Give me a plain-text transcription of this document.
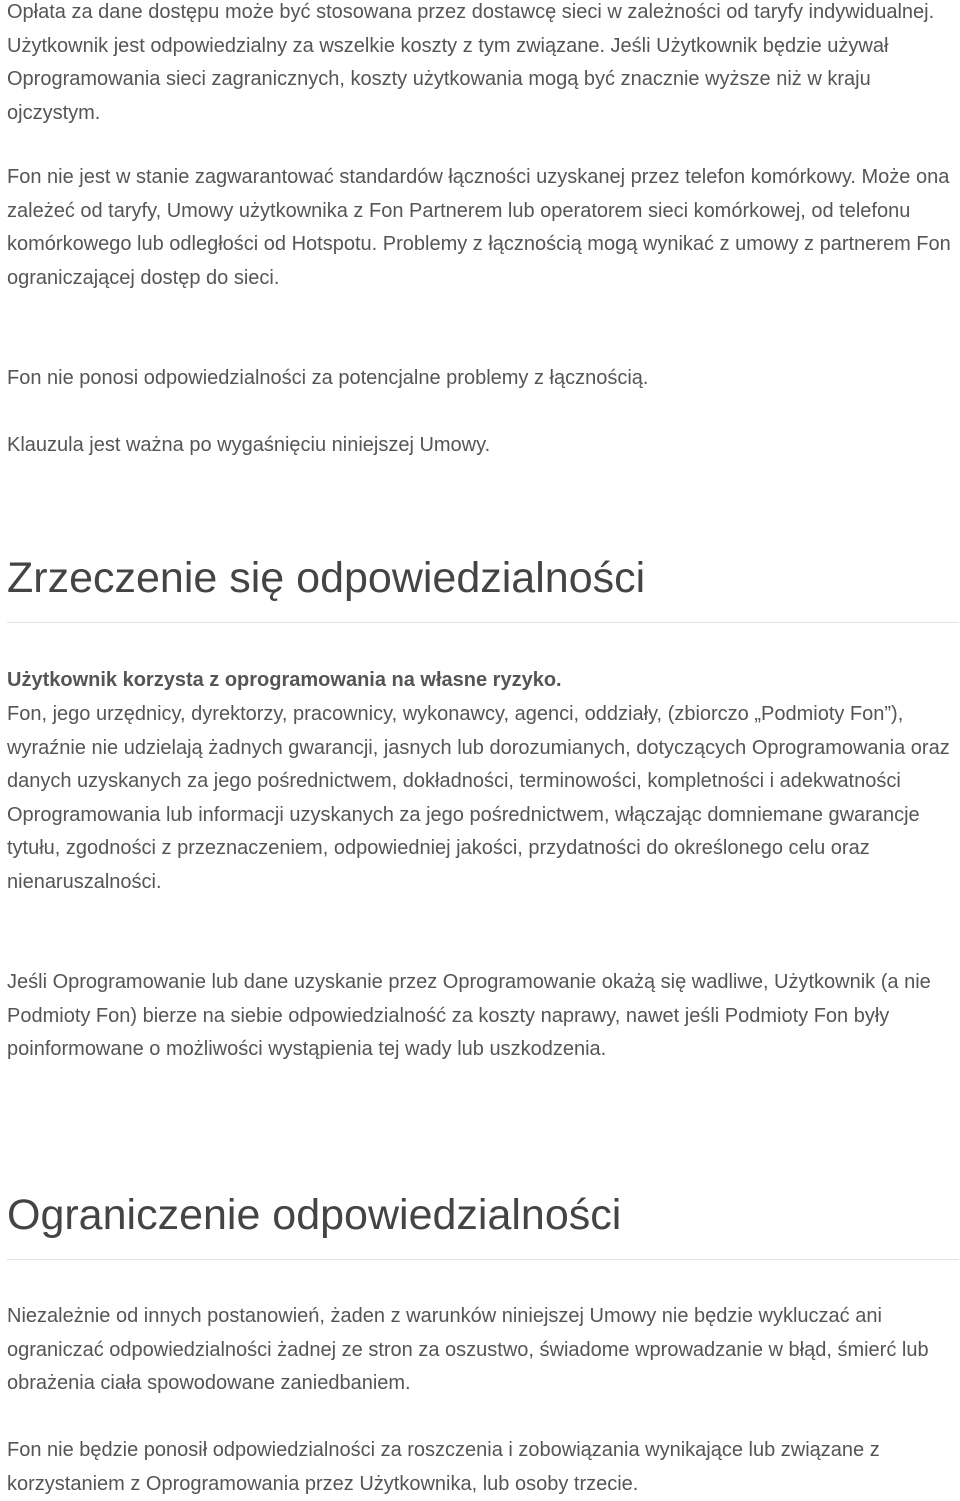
Opłata za dane dostępu może być stosowana przez dostawcę sieci w zależności od taryfy indywidualnej. Użytkownik jest odpowiedzialny za wszelkie koszty z tym związane. Jeśli Użytkownik będzie używał Oprogramowania sieci zagranicznych, koszty użytkowania mogą być znacznie wyższe niż w kraju ojczystym.

Fon nie jest w stanie zagwarantować standardów łączności uzyskanej przez telefon komórkowy. Może ona zależeć od taryfy, Umowy użytkownika z Fon Partnerem lub operatorem sieci komórkowej, od telefonu komórkowego lub odległości od Hotspotu. Problemy z łącznością mogą wynikać z umowy z partnerem Fon ograniczającej dostęp do sieci.

Fon nie ponosi odpowiedzialności za potencjalne problemy z łącznością.

Klauzula jest ważna po wygaśnięciu niniejszej Umowy.

Zrzeczenie się odpowiedzialności

Użytkownik korzysta z oprogramowania na własne ryzyko.

Fon, jego urzędnicy, dyrektorzy, pracownicy, wykonawcy, agenci, oddziały, (zbiorczo „Podmioty Fon”), wyraźnie nie udzielają żadnych gwarancji, jasnych lub dorozumianych, dotyczących Oprogramowania oraz danych uzyskanych za jego pośrednictwem, dokładności, terminowości, kompletności i adekwatności Oprogramowania lub informacji uzyskanych za jego pośrednictwem, włączając domniemane gwarancje tytułu, zgodności z przeznaczeniem, odpowiedniej jakości, przydatności do określonego celu oraz nienaruszalności.

Jeśli Oprogramowanie lub dane uzyskanie przez Oprogramowanie okażą się wadliwe, Użytkownik (a nie Podmioty Fon) bierze na siebie odpowiedzialność za koszty naprawy, nawet jeśli Podmioty Fon były poinformowane o możliwości wystąpienia tej wady lub uszkodzenia.

Ograniczenie odpowiedzialności

Niezależnie od innych postanowień, żaden z warunków niniejszej Umowy nie będzie wykluczać ani ograniczać odpowiedzialności żadnej ze stron za oszustwo, świadome wprowadzanie w błąd, śmierć lub obrażenia ciała spowodowane zaniedbaniem.

Fon nie będzie ponosił odpowiedzialności za roszczenia i zobowiązania wynikające lub związane z korzystaniem z Oprogramowania przez Użytkownika, lub osoby trzecie.
